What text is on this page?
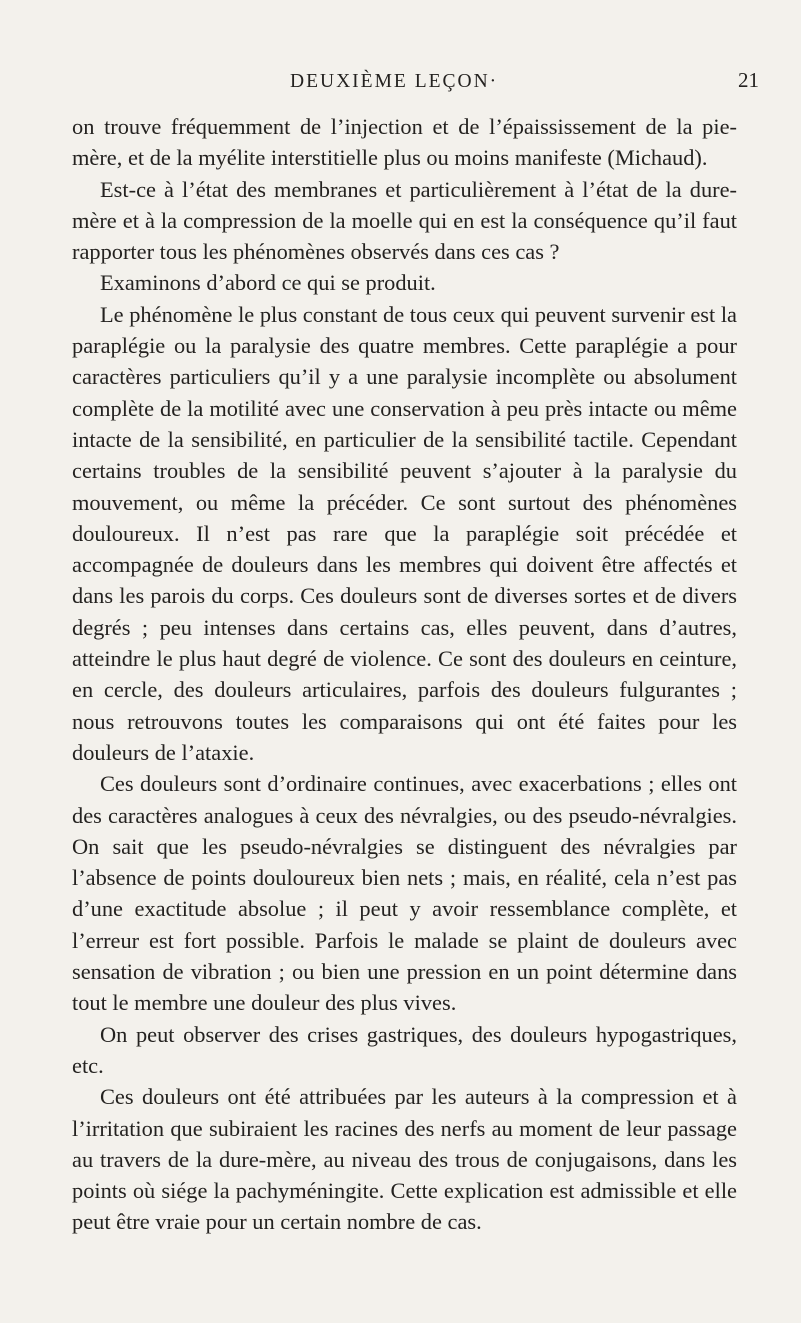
DEUXIÈME LEÇON·	21

on trouve fréquemment de l’injection et de l’épaississement de la pie-mère, et de la myélite interstitielle plus ou moins manifeste (Michaud).

Est-ce à l’état des membranes et particulièrement à l’état de la dure-mère et à la compression de la moelle qui en est la conséquence qu’il faut rapporter tous les phénomènes observés dans ces cas ?

Examinons d’abord ce qui se produit.

Le phénomène le plus constant de tous ceux qui peuvent survenir est la paraplégie ou la paralysie des quatre membres. Cette paraplégie a pour caractères particuliers qu’il y a une paralysie incomplète ou absolument complète de la motilité avec une conservation à peu près intacte ou même intacte de la sensibilité, en particulier de la sensibilité tactile. Cependant certains troubles de la sensibilité peuvent s’ajouter à la paralysie du mouvement, ou même la précéder. Ce sont surtout des phénomènes douloureux. Il n’est pas rare que la paraplégie soit précédée et accompagnée de douleurs dans les membres qui doivent être affectés et dans les parois du corps. Ces douleurs sont de diverses sortes et de divers degrés ; peu intenses dans certains cas, elles peuvent, dans d’autres, atteindre le plus haut degré de violence. Ce sont des douleurs en ceinture, en cercle, des douleurs articulaires, parfois des douleurs fulgurantes ; nous retrouvons toutes les comparaisons qui ont été faites pour les douleurs de l’ataxie.

Ces douleurs sont d’ordinaire continues, avec exacerbations ; elles ont des caractères analogues à ceux des névralgies, ou des pseudo-névralgies. On sait que les pseudo-névralgies se distinguent des névralgies par l’absence de points douloureux bien nets ; mais, en réalité, cela n’est pas d’une exactitude absolue ; il peut y avoir ressemblance complète, et l’erreur est fort possible. Parfois le malade se plaint de douleurs avec sensation de vibration ; ou bien une pression en un point détermine dans tout le membre une douleur des plus vives.

On peut observer des crises gastriques, des douleurs hypogastriques, etc.

Ces douleurs ont été attribuées par les auteurs à la compression et à l’irritation que subiraient les racines des nerfs au moment de leur passage au travers de la dure-mère, au niveau des trous de conjugaisons, dans les points où siége la pachyméningite. Cette explication est admissible et elle peut être vraie pour un certain nombre de cas.
